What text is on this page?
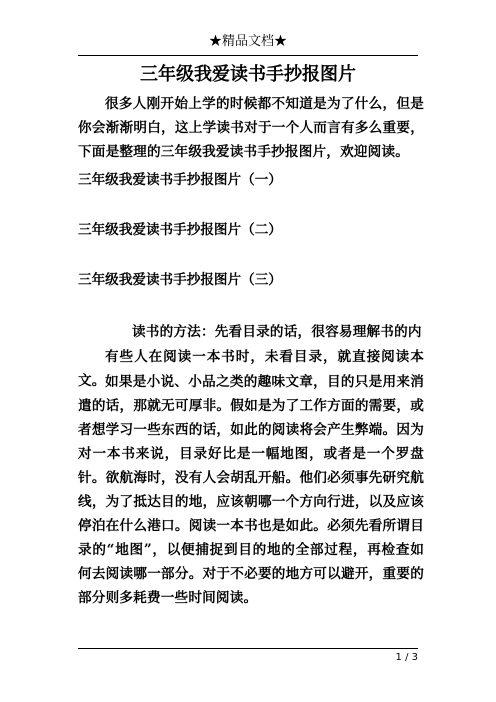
★精品文档★
三年级我爱读书手抄报图片
很多人刚开始上学的时候都不知道是为了什么，但是你会渐渐明白，这上学读书对于一个人而言有多么重要，下面是整理的三年级我爱读书手抄报图片，欢迎阅读。
三年级我爱读书手抄报图片（一）
三年级我爱读书手抄报图片（二）
三年级我爱读书手抄报图片（三）
读书的方法：先看目录的话，很容易理解书的内
有些人在阅读一本书时，未看目录，就直接阅读本文。 如果是小说、小品之类的趣味文章，目的只是用来消遣的话，那就无可厚非。假如是为了工作方面的需要，或者想学习一些东西的话，如此的阅读将会产生弊端。因为对一本书来说，目录好比是一幅地图，或者是一个罗盘针。欲航海时，没有人会胡乱开船。他们必须事先研究航线，为了抵达目的地，应该朝哪一个方向行进，以及应该停泊在什么港口。阅读一本书也是如此。必须先看所谓目录的“地图”，以便捕捉到目的地的全部过程，再检查如何去阅读哪一部分。对于不必要的地方可以避开，重要的部分则多耗费一些时间阅读。
1 / 3
